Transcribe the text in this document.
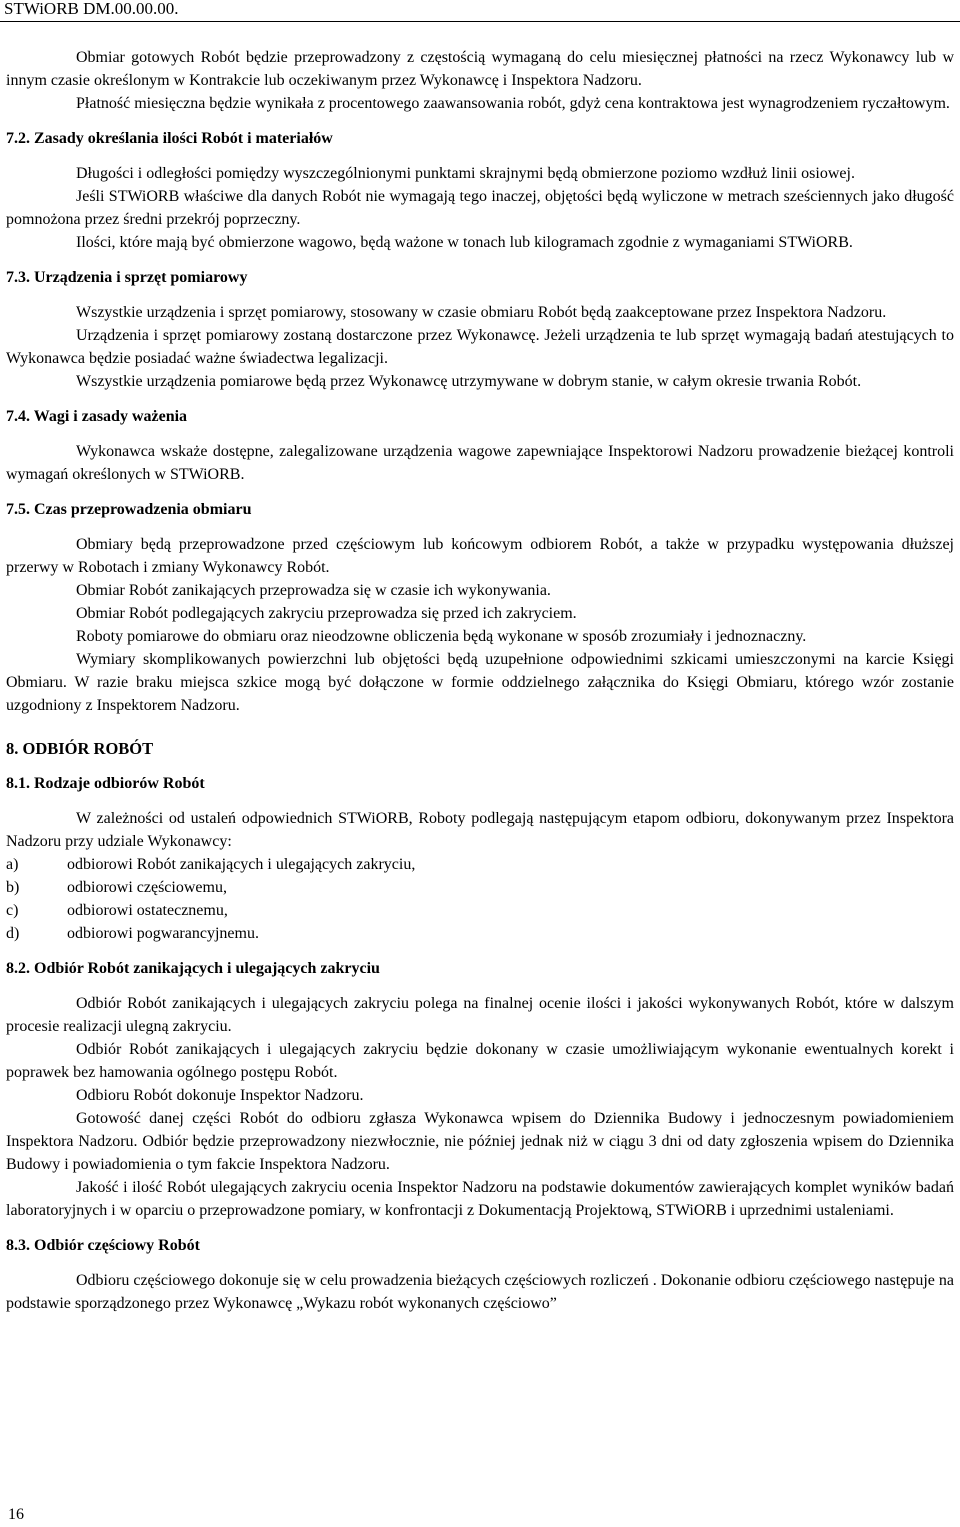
STWiORB DM.00.00.00.

Obmiar gotowych Robót będzie przeprowadzony z częstością wymaganą do celu miesięcznej płatności na rzecz Wykonawcy lub w innym czasie określonym w Kontrakcie lub oczekiwanym przez Wykonawcę i Inspektora Nadzoru.

Płatność miesięczna będzie wynikała z procentowego zaawansowania robót, gdyż cena kontraktowa jest wynagrodzeniem ryczałtowym.

7.2. Zasady określania ilości Robót i materiałów

Długości i odległości pomiędzy wyszczególnionymi punktami skrajnymi będą obmierzone poziomo wzdłuż linii osiowej.

Jeśli STWiORB właściwe dla danych Robót nie wymagają tego inaczej, objętości będą wyliczone w metrach sześciennych jako długość pomnożona przez średni przekrój poprzeczny.

Ilości, które mają być obmierzone wagowo, będą ważone w tonach lub kilogramach zgodnie z wymaganiami STWiORB.

7.3. Urządzenia i sprzęt pomiarowy

Wszystkie urządzenia i sprzęt pomiarowy, stosowany w czasie obmiaru Robót będą zaakceptowane przez Inspektora Nadzoru.

Urządzenia i sprzęt pomiarowy zostaną dostarczone przez Wykonawcę. Jeżeli urządzenia te lub sprzęt wymagają badań atestujących to Wykonawca będzie posiadać ważne świadectwa legalizacji.

Wszystkie urządzenia pomiarowe będą przez Wykonawcę utrzymywane w dobrym stanie, w całym okresie trwania Robót.

7.4. Wagi i zasady ważenia

Wykonawca wskaże dostępne, zalegalizowane urządzenia wagowe zapewniające Inspektorowi Nadzoru prowadzenie bieżącej kontroli wymagań określonych w STWiORB.

7.5. Czas przeprowadzenia obmiaru

Obmiary będą przeprowadzone przed częściowym lub końcowym odbiorem Robót, a także w przypadku występowania dłuższej przerwy w Robotach i zmiany Wykonawcy Robót.

Obmiar Robót zanikających przeprowadza się w czasie ich wykonywania.

Obmiar Robót podlegających zakryciu przeprowadza się przed ich zakryciem.

Roboty pomiarowe do obmiaru oraz nieodzowne obliczenia będą wykonane w sposób zrozumiały i jednoznaczny.

Wymiary skomplikowanych powierzchni lub objętości będą uzupełnione odpowiednimi szkicami umieszczonymi na karcie Księgi Obmiaru. W razie braku miejsca szkice mogą być dołączone w formie oddzielnego załącznika do Księgi Obmiaru, którego wzór zostanie uzgodniony z Inspektorem Nadzoru.

8. ODBIÓR ROBÓT
8.1. Rodzaje odbiorów Robót

W zależności od ustaleń odpowiednich STWiORB, Roboty podlegają następującym etapom odbioru, dokonywanym przez Inspektora Nadzoru przy udziale Wykonawcy:

a)	odbiorowi Robót zanikających i ulegających zakryciu,
b)	odbiorowi częściowemu,
c)	odbiorowi ostatecznemu,
d)	odbiorowi pogwarancyjnemu.
8.2. Odbiór Robót zanikających i ulegających zakryciu

Odbiór Robót zanikających i ulegających zakryciu polega na finalnej ocenie ilości i jakości wykonywanych Robót, które w dalszym procesie realizacji ulegną zakryciu.

Odbiór Robót zanikających i ulegających zakryciu będzie dokonany w czasie umożliwiającym wykonanie ewentualnych korekt i poprawek bez hamowania ogólnego postępu Robót.

Odbioru Robót dokonuje Inspektor Nadzoru.

Gotowość danej części Robót do odbioru zgłasza Wykonawca wpisem do Dziennika Budowy i jednoczesnym powiadomieniem Inspektora Nadzoru. Odbiór będzie przeprowadzony niezwłocznie, nie później jednak niż w ciągu 3 dni od daty zgłoszenia wpisem do Dziennika Budowy i powiadomienia o tym fakcie Inspektora Nadzoru.

Jakość i ilość Robót ulegających zakryciu ocenia Inspektor Nadzoru na podstawie dokumentów zawierających komplet wyników badań laboratoryjnych i w oparciu o przeprowadzone pomiary, w konfrontacji z Dokumentacją Projektową, STWiORB i uprzednimi ustaleniami.

8.3. Odbiór częściowy Robót

Odbioru częściowego dokonuje się w celu prowadzenia bieżących częściowych rozliczeń . Dokonanie odbioru częściowego następuje na podstawie sporządzonego przez Wykonawcę „Wykazu robót wykonanych częściowo”

16
